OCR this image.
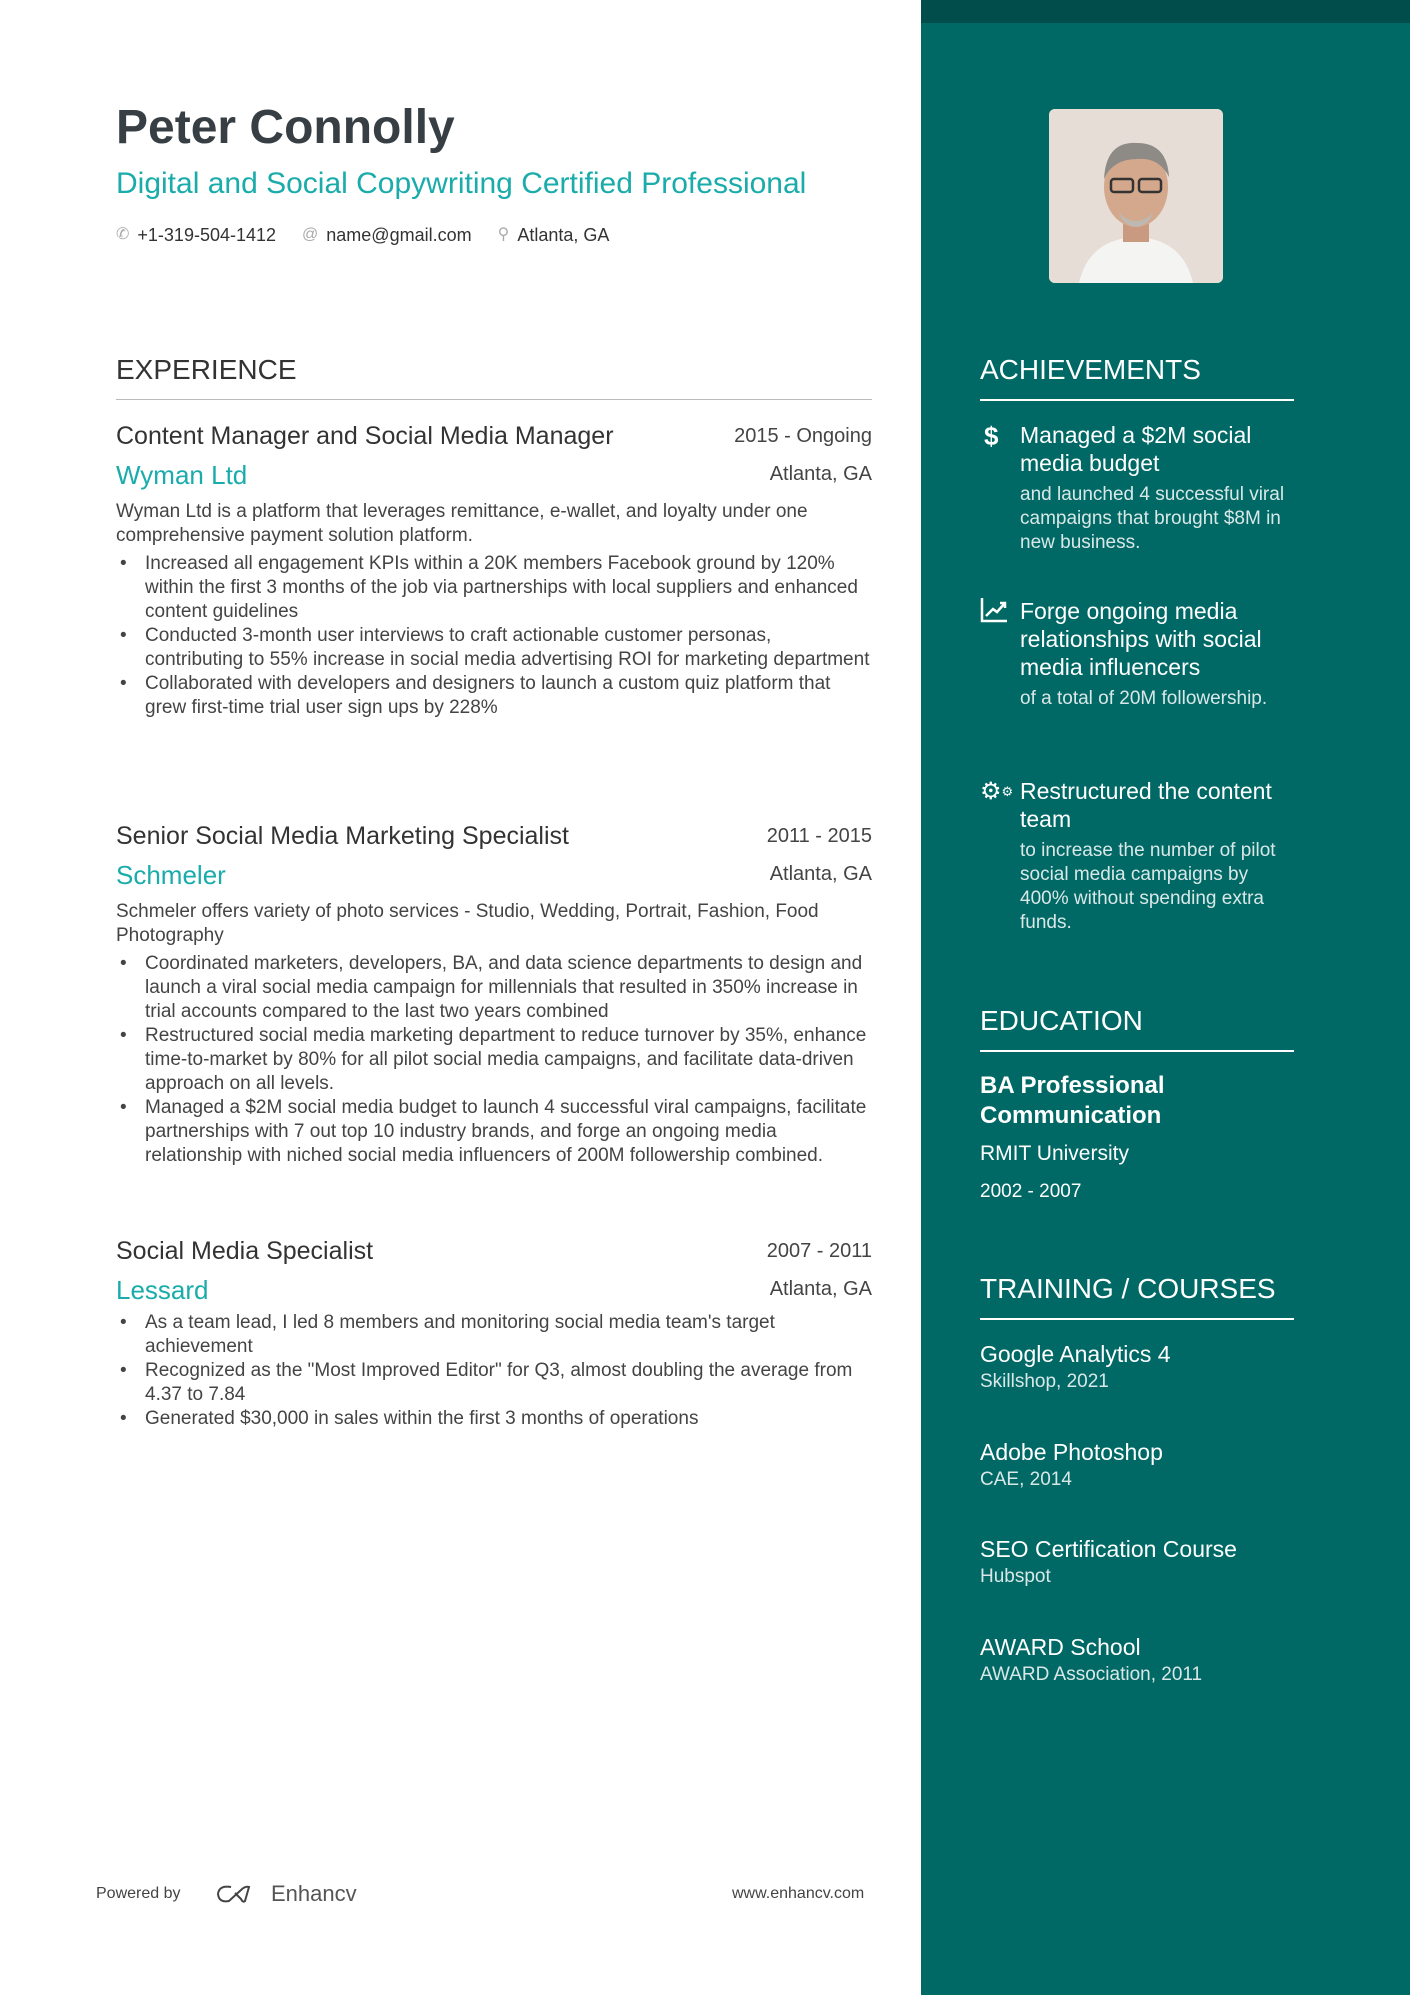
Peter Connolly
Digital and Social Copywriting Certified Professional
✆ +1-319-504-1412 @ name@gmail.com ⚲ Atlanta, GA
EXPERIENCE
Content Manager and Social Media Manager	2015 - Ongoing
Wyman Ltd	Atlanta, GA
Wyman Ltd is a platform that leverages remittance, e-wallet, and loyalty under one comprehensive payment solution platform.
• Increased all engagement KPIs within a 20K members Facebook ground by 120% within the first 3 months of the job via partnerships with local suppliers and enhanced content guidelines
• Conducted 3-month user interviews to craft actionable customer personas, contributing to 55% increase in social media advertising ROI for marketing department
• Collaborated with developers and designers to launch a custom quiz platform that grew first-time trial user sign ups by 228%
Senior Social Media Marketing Specialist	2011 - 2015
Schmeler	Atlanta, GA
Schmeler offers variety of photo services - Studio, Wedding, Portrait, Fashion, Food Photography
• Coordinated marketers, developers, BA, and data science departments to design and launch a viral social media campaign for millennials that resulted in 350% increase in trial accounts compared to the last two years combined
• Restructured social media marketing department to reduce turnover by 35%, enhance time-to-market by 80% for all pilot social media campaigns, and facilitate data-driven approach on all levels.
• Managed a $2M social media budget to launch 4 successful viral campaigns, facilitate partnerships with 7 out top 10 industry brands, and forge an ongoing media relationship with niched social media influencers of 200M followership combined.
Social Media Specialist	2007 - 2011
Lessard	Atlanta, GA
• As a team lead, I led 8 members and monitoring social media team's target achievement
• Recognized as the "Most Improved Editor" for Q3, almost doubling the average from 4.37 to 7.84
• Generated $30,000 in sales within the first 3 months of operations
ACHIEVEMENTS
$ Managed a $2M social media budget
and launched 4 successful viral campaigns that brought $8M in new business.
Forge ongoing media relationships with social media influencers
of a total of 20M followership.
⚙⚙ Restructured the content team
to increase the number of pilot social media campaigns by 400% without spending extra funds.
EDUCATION
BA Professional Communication
RMIT University
2002 - 2007
TRAINING / COURSES
Google Analytics 4
Skillshop, 2021
Adobe Photoshop
CAE, 2014
SEO Certification Course
Hubspot
AWARD School
AWARD Association, 2011
Powered by	Enhancv	www.enhancv.com
